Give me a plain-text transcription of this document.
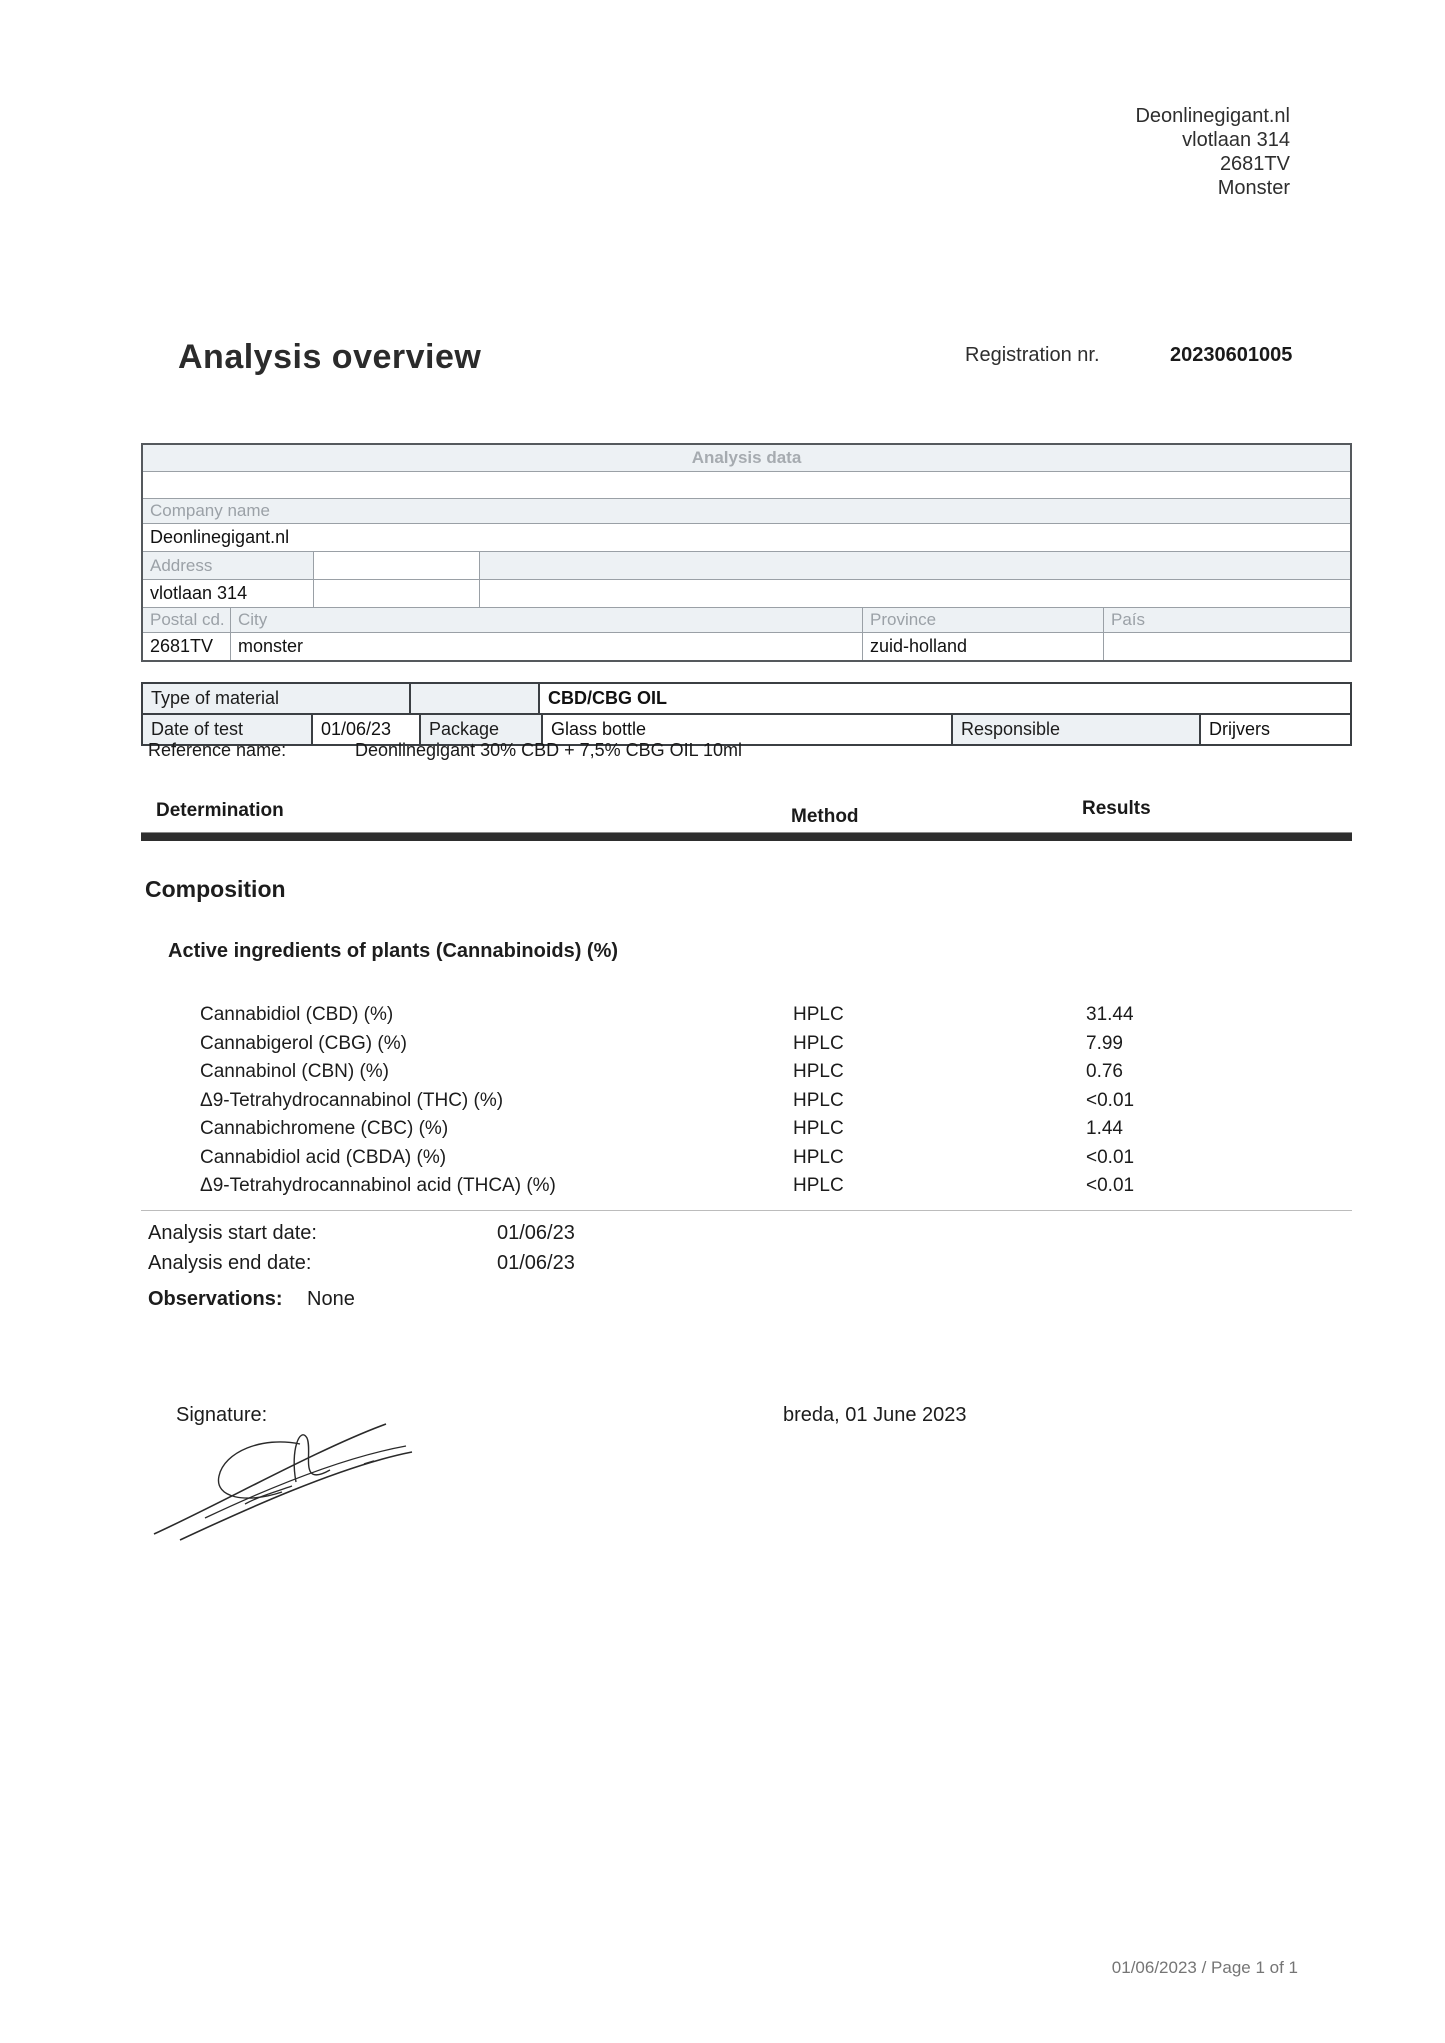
Deonlinegigant.nl
vlotlaan 314
2681TV
Monster
Analysis overview	Registration nr.	20230601005
Analysis data
Company name
Deonlinegigant.nl
Address
vlotlaan 314
Postal cd. City	Province	País
2681TV	monster	zuid-holland
Type of material	CBD/CBG OIL
Date of test	01/06/23	Package	Glass bottle	Responsible	Drijvers
Reference name:	Deonlinegigant 30% CBD + 7,5% CBG OIL 10ml
Determination	Method	Results
Composition
Active ingredients of plants (Cannabinoids) (%)
Cannabidiol (CBD) (%)	HPLC	31.44
Cannabigerol (CBG) (%)	HPLC	7.99
Cannabinol (CBN) (%)	HPLC	0.76
Δ9-Tetrahydrocannabinol (THC) (%)	HPLC	<0.01
Cannabichromene (CBC) (%)	HPLC	1.44
Cannabidiol acid (CBDA) (%)	HPLC	<0.01
Δ9-Tetrahydrocannabinol acid (THCA) (%)	HPLC	<0.01
Analysis start date:	01/06/23
Analysis end date:	01/06/23
Observations: None
Signature:	breda, 01 June 2023
01/06/2023 / Page 1 of 1
